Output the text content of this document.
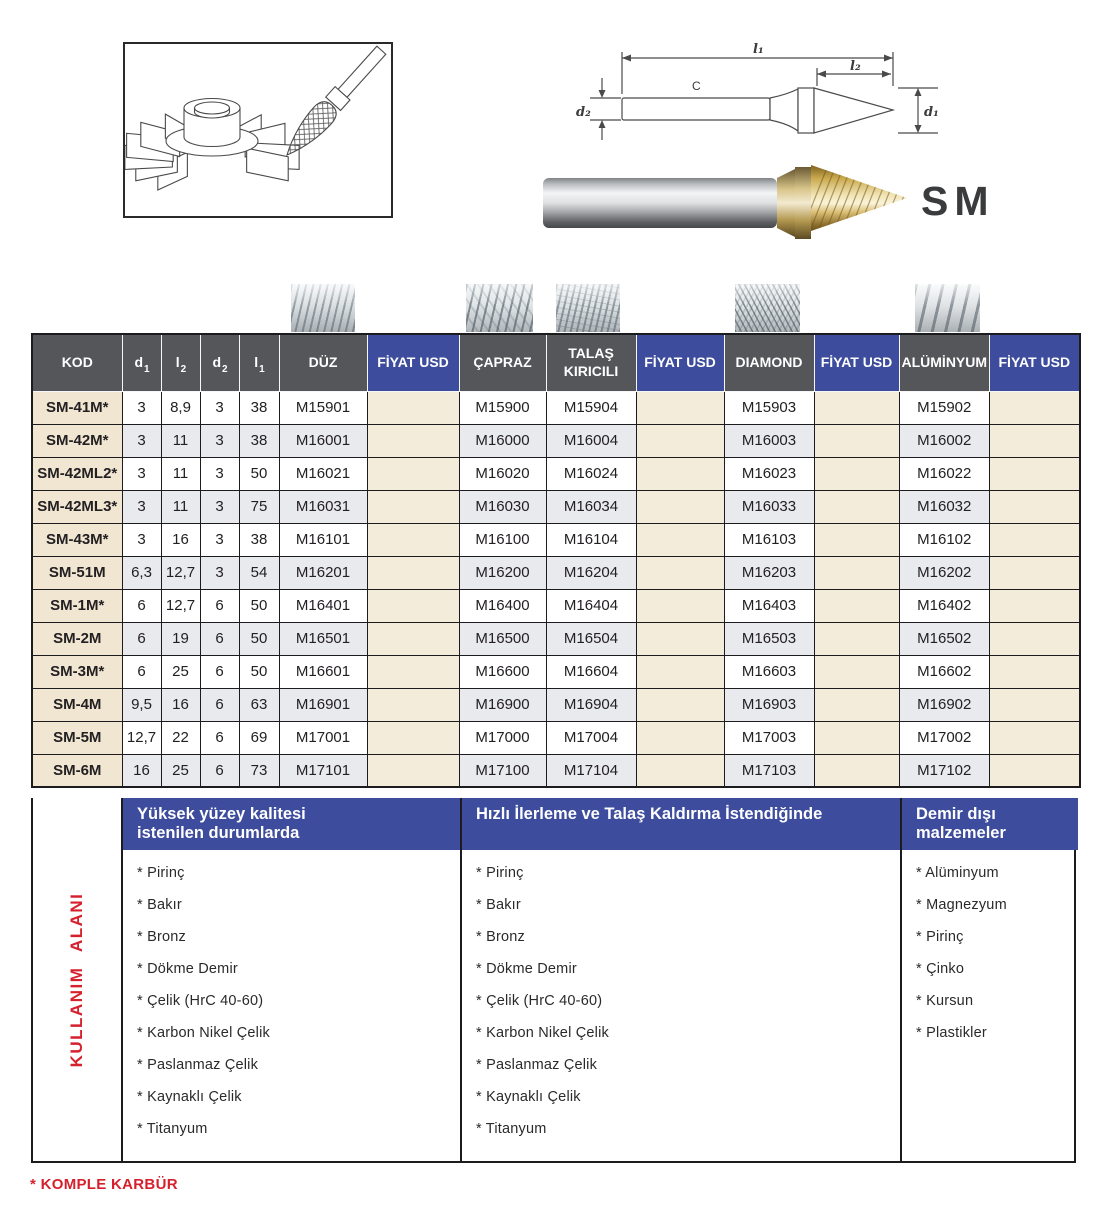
l₁
l₂
d₂	d₁
C
SM
KOD	$d_1$	$l_2$	$d_2$	$l_1$	DÜZ	FİYAT USD	ÇAPRAZ	TALAŞ KIRICILI	FİYAT USD	DIAMOND	FİYAT USD	ALÜMİNYUM	FİYAT USD
SM-41M*	3	8,9	3	38	M15901		M15900	M15904		M15903		M15902	
SM-42M*	3	11	3	38	M16001		M16000	M16004		M16003		M16002	
SM-42ML2*	3	11	3	50	M16021		M16020	M16024		M16023		M16022	
SM-42ML3*	3	11	3	75	M16031		M16030	M16034		M16033		M16032	
SM-43M*	3	16	3	38	M16101		M16100	M16104		M16103		M16102	
SM-51M	6,3	12,7	3	54	M16201		M16200	M16204		M16203		M16202	
SM-1M*	6	12,7	6	50	M16401		M16400	M16404		M16403		M16402	
SM-2M	6	19	6	50	M16501		M16500	M16504		M16503		M16502	
SM-3M*	6	25	6	50	M16601		M16600	M16604		M16603		M16602	
SM-4M	9,5	16	6	63	M16901		M16900	M16904		M16903		M16902	
SM-5M	12,7	22	6	69	M17001		M17000	M17004		M17003		M17002	
SM-6M	16	25	6	73	M17101		M17100	M17104		M17103		M17102	
KULLANIM ALANI
Yüksek yüzey kalitesi
istenilen durumlarda
* Pirinç
* Bakır
* Bronz
* Dökme Demir
* Çelik (HrC 40-60)
* Karbon Nikel Çelik
* Paslanmaz Çelik
* Kaynaklı Çelik
* Titanyum
Hızlı İlerleme ve Talaş Kaldırma İstendiğinde
* Pirinç
* Bakır
* Bronz
* Dökme Demir
* Çelik (HrC 40-60)
* Karbon Nikel Çelik
* Paslanmaz Çelik
* Kaynaklı Çelik
* Titanyum
Demir dışı
malzemeler
* Alüminyum
* Magnezyum
* Pirinç
* Çinko
* Kursun
* Plastikler
* KOMPLE KARBÜR
